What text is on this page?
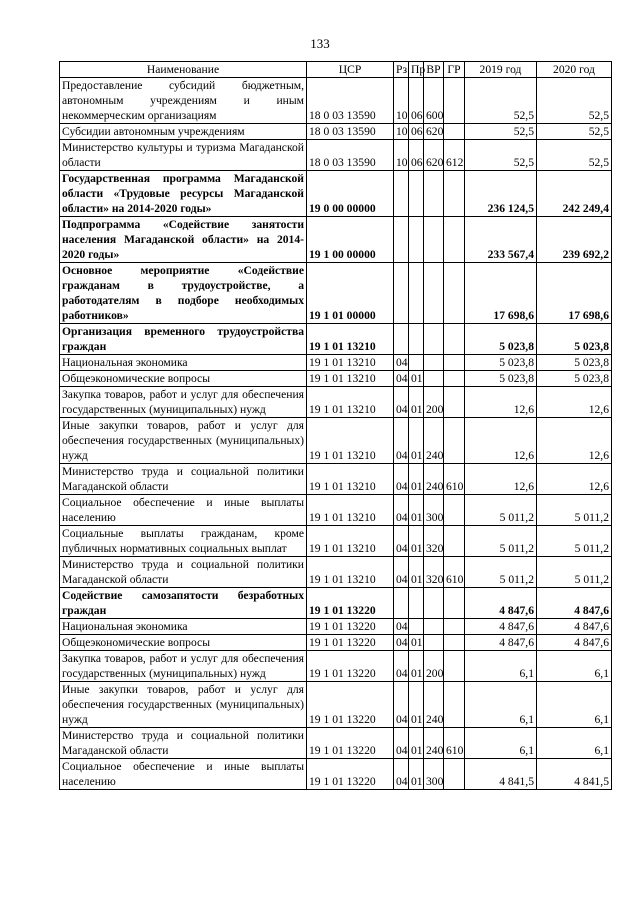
133
Наименование	ЦСР	Рз	Пр	ВР	ГР	2019 год	2020 год
Предоставление субсидий бюджетным, автономным учреждениям и иным некоммерческим организациям	18 0 03 13590	10	06	600		52,5	52,5
Субсидии автономным учреждениям	18 0 03 13590	10	06	620		52,5	52,5
Министерство культуры и туризма Магаданской области	18 0 03 13590	10	06	620	612	52,5	52,5
Государственная программа Магаданской области «Трудовые ресурсы Магаданской области» на 2014-2020 годы»	19 0 00 00000					236 124,5	242 249,4
Подпрограмма «Содействие занятости населения Магаданской области» на 2014-2020 годы»	19 1 00 00000					233 567,4	239 692,2
Основное мероприятие «Содействие гражданам в трудоустройстве, а работодателям в подборе необходимых работников»	19 1 01 00000					17 698,6	17 698,6
Организация временного трудоустройства граждан	19 1 01 13210					5 023,8	5 023,8
Национальная экономика	19 1 01 13210	04				5 023,8	5 023,8
Общеэкономические вопросы	19 1 01 13210	04	01			5 023,8	5 023,8
Закупка товаров, работ и услуг для обеспечения государственных (муниципальных) нужд	19 1 01 13210	04	01	200		12,6	12,6
Иные закупки товаров, работ и услуг для обеспечения государственных (муниципальных) нужд	19 1 01 13210	04	01	240		12,6	12,6
Министерство труда и социальной политики Магаданской области	19 1 01 13210	04	01	240	610	12,6	12,6
Социальное обеспечение и иные выплаты населению	19 1 01 13210	04	01	300		5 011,2	5 011,2
Социальные выплаты гражданам, кроме публичных нормативных социальных выплат	19 1 01 13210	04	01	320		5 011,2	5 011,2
Министерство труда и социальной политики Магаданской области	19 1 01 13210	04	01	320	610	5 011,2	5 011,2
Содействие самозапятости безработных граждан	19 1 01 13220					4 847,6	4 847,6
Национальная экономика	19 1 01 13220	04				4 847,6	4 847,6
Общеэкономические вопросы	19 1 01 13220	04	01			4 847,6	4 847,6
Закупка товаров, работ и услуг для обеспечения государственных (муниципальных) нужд	19 1 01 13220	04	01	200		6,1	6,1
Иные закупки товаров, работ и услуг для обеспечения государственных (муниципальных) нужд	19 1 01 13220	04	01	240		6,1	6,1
Министерство труда и социальной политики Магаданской области	19 1 01 13220	04	01	240	610	6,1	6,1
Социальное обеспечение и иные выплаты населению	19 1 01 13220	04	01	300		4 841,5	4 841,5
